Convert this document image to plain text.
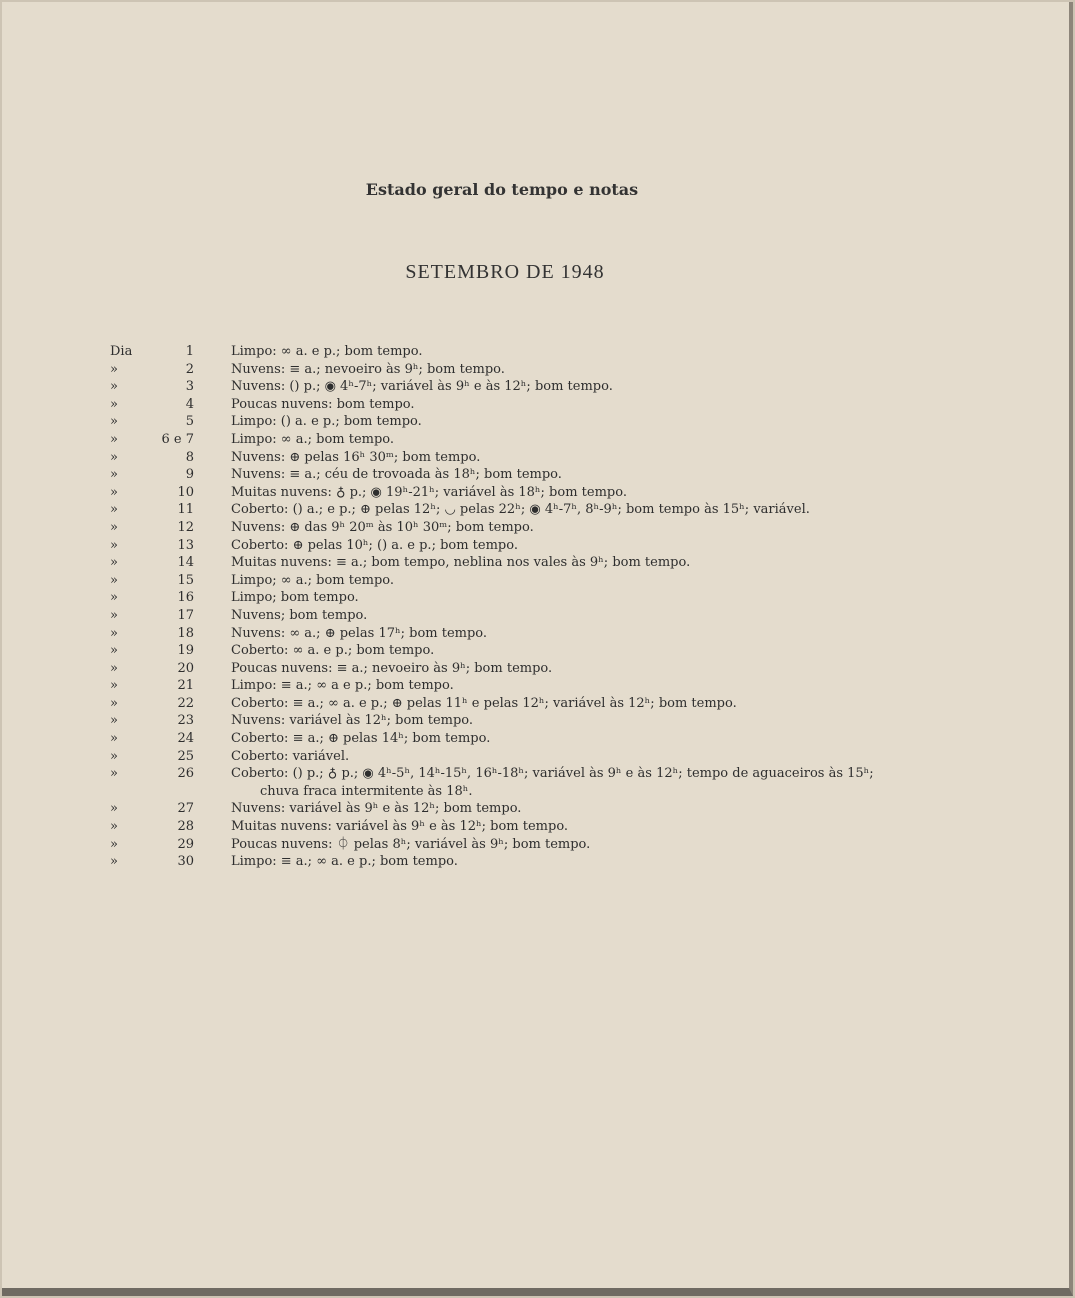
Estado geral do tempo e notas
SETEMBRO DE 1948
Dia	1	Limpo: ∞ a. e p.; bom tempo.
»	2	Nuvens: ≡ a.; nevoeiro às 9ʰ; bom tempo.
»	3	Nuvens: () p.; ◉ 4ʰ-7ʰ; variável às 9ʰ e às 12ʰ; bom tempo.
»	4	Poucas nuvens: bom tempo.
»	5	Limpo: () a. e p.; bom tempo.
»	6 e 7	Limpo: ∞ a.; bom tempo.
»	8	Nuvens: ⊕ pelas 16ʰ 30ᵐ; bom tempo.
»	9	Nuvens: ≡ a.; céu de trovoada às 18ʰ; bom tempo.
»	10	Muitas nuvens: ♁ p.; ◉ 19ʰ-21ʰ; variável às 18ʰ; bom tempo.
»	11	Coberto: () a.; e p.; ⊕ pelas 12ʰ; ◡ pelas 22ʰ; ◉ 4ʰ-7ʰ, 8ʰ-9ʰ; bom tempo às 15ʰ; variável.
»	12	Nuvens: ⊕ das 9ʰ 20ᵐ às 10ʰ 30ᵐ; bom tempo.
»	13	Coberto: ⊕ pelas 10ʰ; () a. e p.; bom tempo.
»	14	Muitas nuvens: ≡ a.; bom tempo, neblina nos vales às 9ʰ; bom tempo.
»	15	Limpo; ∞ a.; bom tempo.
»	16	Limpo; bom tempo.
»	17	Nuvens; bom tempo.
»	18	Nuvens: ∞ a.; ⊕ pelas 17ʰ; bom tempo.
»	19	Coberto: ∞ a. e p.; bom tempo.
»	20	Poucas nuvens: ≡ a.; nevoeiro às 9ʰ; bom tempo.
»	21	Limpo: ≡ a.; ∞ a e p.; bom tempo.
»	22	Coberto: ≡ a.; ∞ a. e p.; ⊕ pelas 11ʰ e pelas 12ʰ; variável às 12ʰ; bom tempo.
»	23	Nuvens: variável às 12ʰ; bom tempo.
»	24	Coberto: ≡ a.; ⊕ pelas 14ʰ; bom tempo.
»	25	Coberto: variável.
»	26	Coberto: () p.; ♁ p.; ◉ 4ʰ-5ʰ, 14ʰ-15ʰ, 16ʰ-18ʰ; variável às 9ʰ e às 12ʰ; tempo de aguaceiros às 15ʰ;
chuva fraca intermitente às 18ʰ.
»	27	Nuvens: variável às 9ʰ e às 12ʰ; bom tempo.
»	28	Muitas nuvens: variável às 9ʰ e às 12ʰ; bom tempo.
»	29	Poucas nuvens: ⏀ pelas 8ʰ; variável às 9ʰ; bom tempo.
»	30	Limpo: ≡ a.; ∞ a. e p.; bom tempo.
